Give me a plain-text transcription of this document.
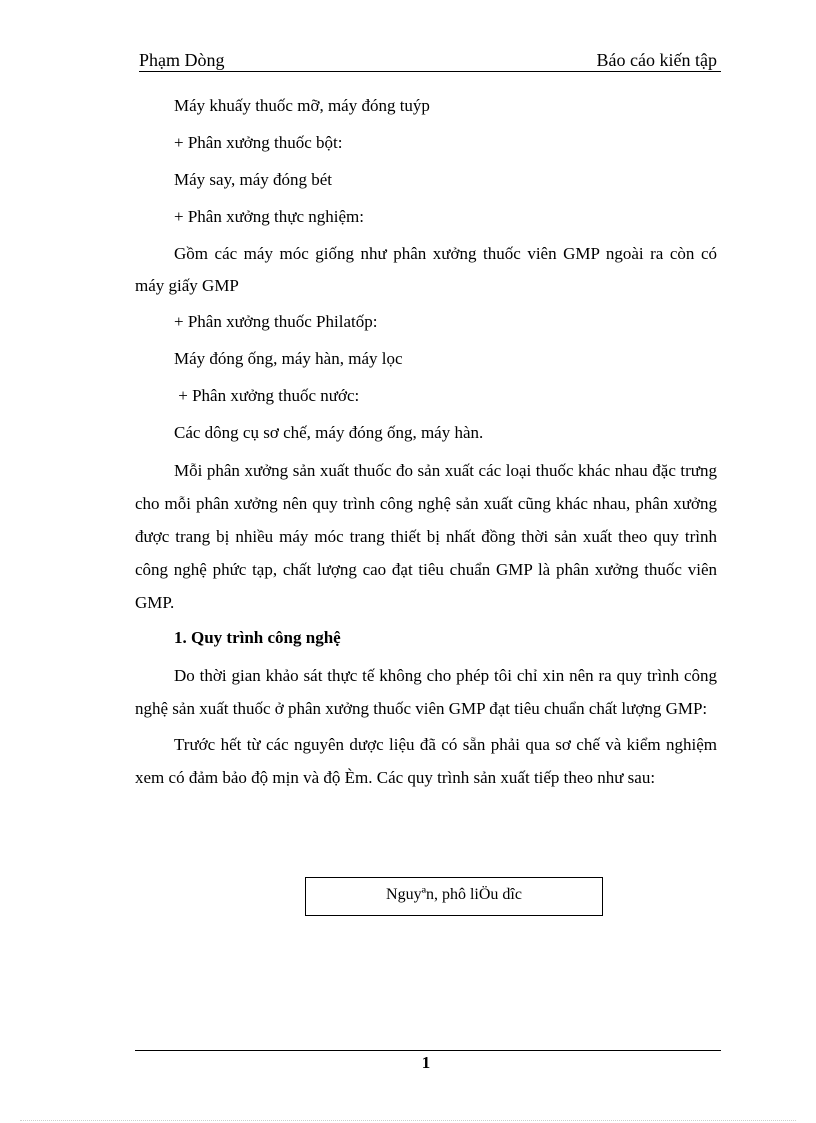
Phạm Dòng	Báo cáo kiến tập

Máy khuấy thuốc mỡ, máy đóng tuýp

+ Phân xưởng thuốc bột:

Máy say, máy đóng bét

+ Phân xưởng thực nghiệm:

Gồm các máy móc giống như phân xưởng thuốc viên GMP ngoài ra còn có máy giấy GMP

+ Phân xưởng thuốc Philatốp:

Máy đóng ống, máy hàn, máy lọc

+ Phân xưởng thuốc nước:

Các dông cụ sơ chế, máy đóng ống, máy hàn.

Mỗi phân xưởng sản xuất thuốc đo sản xuất các loại thuốc khác nhau đặc trưng cho mỗi phân xưởng nên quy trình công nghệ sản xuất cũng khác nhau, phân xưởng được trang bị nhiều máy móc trang thiết bị nhất đồng thời sản xuất theo quy trình công nghệ phức tạp, chất lượng cao đạt tiêu chuẩn GMP là phân xưởng thuốc viên GMP.

1. Quy trình công nghệ

Do thời gian khảo sát thực tế không cho phép tôi chỉ xin nên ra quy trình công nghệ sản xuất thuốc ở phân xưởng thuốc viên GMP đạt tiêu chuẩn chất lượng GMP:

Trước hết từ các nguyên dược liệu đã có sẵn phải qua sơ chế và kiểm nghiệm xem có đảm bảo độ mịn và độ Èm. Các quy trình sản xuất tiếp theo như sau:

Nguyªn, phô liÖu dîc
1
